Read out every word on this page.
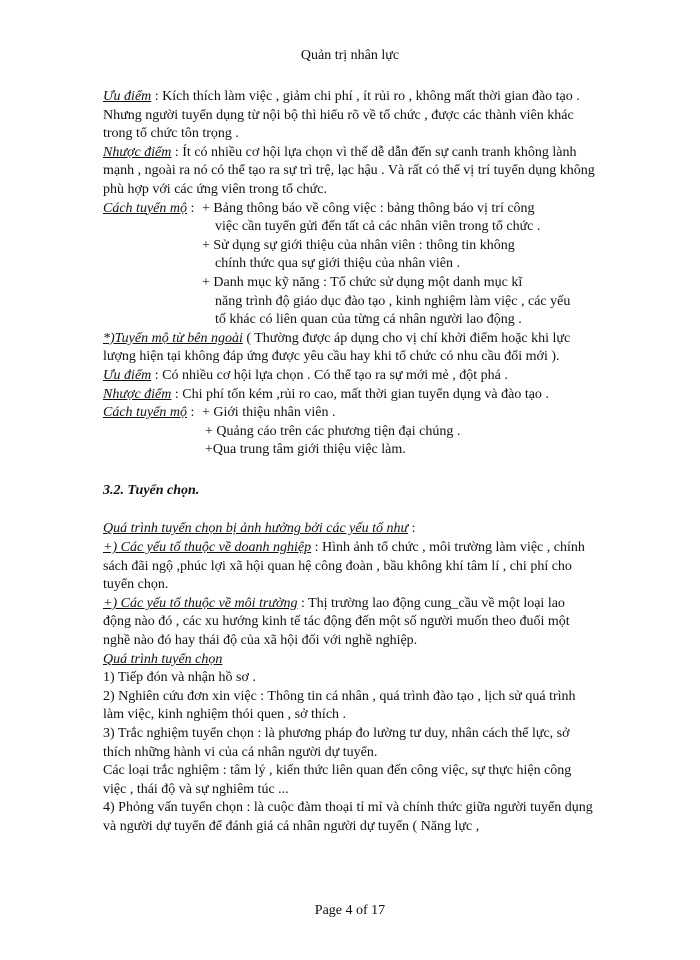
Quản trị nhân lực

Ưu điểm : Kích thích làm việc , giảm chi phí , ít rủi ro , không mất thời gian đào tạo . Nhưng người tuyển dụng từ nội bộ thì hiểu rõ về tổ chức , được các thành viên khác trong tổ chức tôn trọng .

Nhược điểm : Ít có nhiều cơ hội lựa chọn vì thế dễ dẫn đến sự canh tranh không lành mạnh , ngoài ra nó có thể tạo ra sự trì trệ, lạc hậu . Và rất có thể vị trí tuyển dụng không phù hợp với các ứng viên trong tổ chức.

Cách tuyển mộ : + Bảng thông báo về công việc : bảng thông báo vị trí công
việc cần tuyển gửi đến tất cả các nhân viên trong tổ chức .
+ Sử dụng sự giới thiệu của nhân viên : thông tin không
chính thức qua sự giới thiệu của nhân viên .
+ Danh mục kỹ năng : Tổ chức sử dụng một danh mục kĩ
năng trình độ giáo dục đào tạo , kinh nghiệm làm việc , các yếu tố khác có liên quan của từng cá nhân người lao động .

*)Tuyển mộ từ bên ngoài ( Thường được áp dụng cho vị chí khởi điểm hoặc khi lực lượng hiện tại không đáp ứng được yêu cầu hay khi tổ chức có nhu cầu đổi mới ).

Ưu điểm : Có nhiều cơ hội lựa chọn . Có thể tạo ra sự mới mẻ , đột phá .

Nhược điểm : Chi phí tốn kém ,rủi ro cao, mất thời gian tuyển dụng và đào tạo .

Cách tuyển mộ : + Giới thiệu nhân viên .
+ Quảng cáo trên các phương tiện đại chúng .
+Qua trung tâm giới thiệu việc làm.

3.2. Tuyển chọn.

Quá trình tuyển chọn bị ảnh hưởng bởi các yếu tố như :

+) Các yếu tố thuộc về doanh nghiệp : Hình ảnh tổ chức , môi trường làm việc , chính sách đãi ngộ ,phúc lợi xã hội quan hệ công đoàn , bầu không khí tâm lí , chi phí cho tuyển chọn.

+) Các yếu tố thuộc về môi trường : Thị trường lao động cung_cầu về một loại lao động nào đó , các xu hướng kinh tế tác động đến một số người muốn theo đuổi một nghề nào đó hay thái độ của xã hội đối với nghề nghiệp.

Quá trình tuyển chọn

1) Tiếp đón và nhận hồ sơ .

2) Nghiên cứu đơn xin việc : Thông tin cá nhân , quá trình đào tạo , lịch sử quá trình làm việc, kinh nghiệm thói quen , sở thích .

3) Trắc nghiệm tuyển chọn : là phương pháp đo lường tư duy, nhân cách thể lực, sở thích những hành vi của cá nhân người dự tuyển.

Các loại trắc nghiệm : tâm lý , kiến thức liên quan đến công việc, sự thực hiện công việc , thái độ và sự nghiêm túc ...

4) Phỏng vấn tuyển chọn : là cuộc đàm thoại tỉ mỉ và chính thức giữa người tuyển dụng và người dự tuyển để đánh giá cá nhân người dự tuyển ( Năng lực ,

Page 4 of 17
